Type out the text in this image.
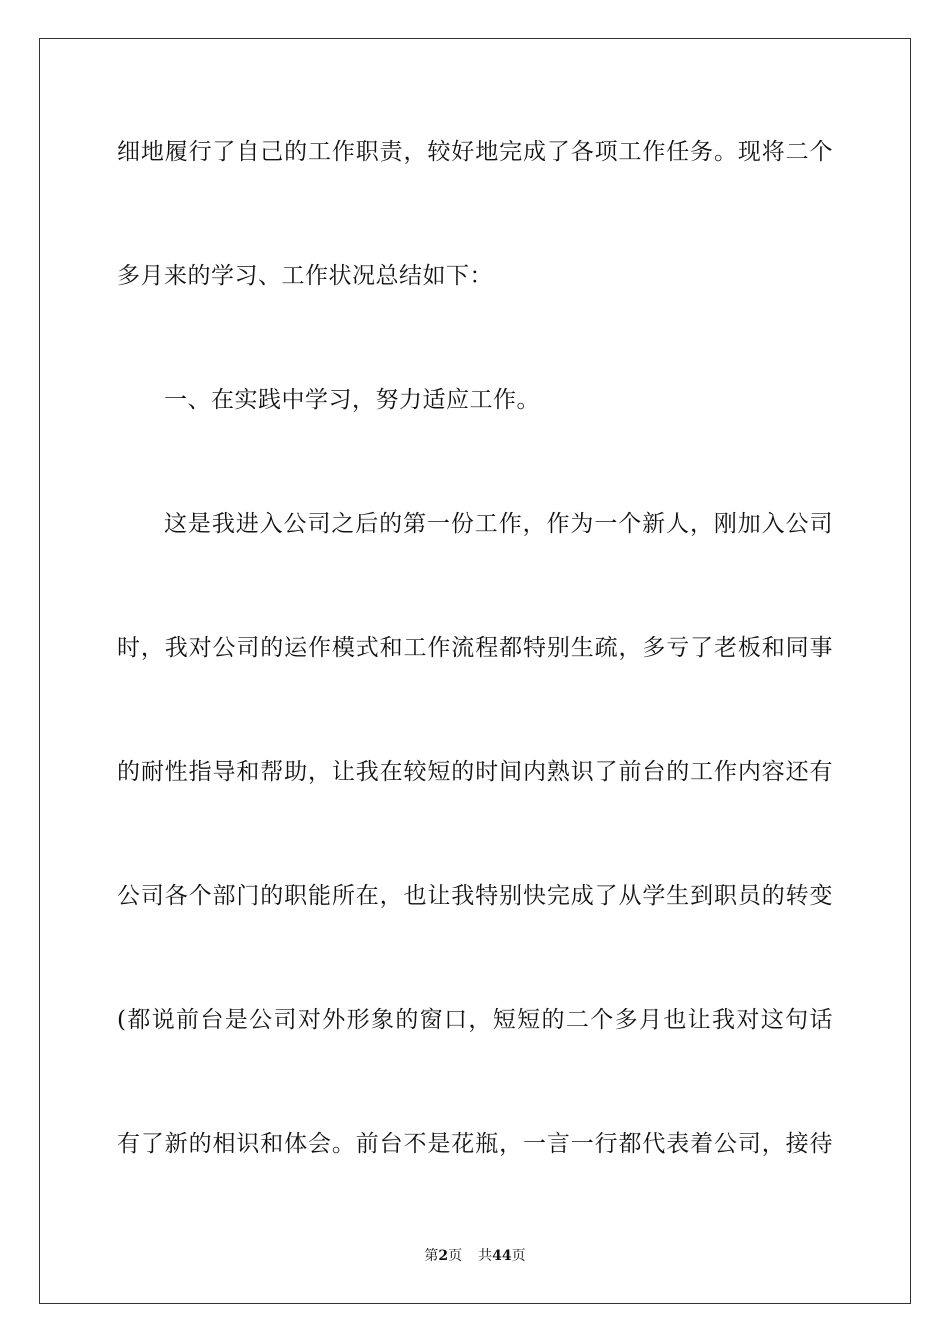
细地履行了自己的工作职责，较好地完成了各项工作任务。现将二个
多月来的学习、工作状况总结如下：
一、在实践中学习，努力适应工作。
这是我进入公司之后的第一份工作，作为一个新人，刚加入公司
时，我对公司的运作模式和工作流程都特别生疏，多亏了老板和同事
的耐性指导和帮助，让我在较短的时间内熟识了前台的工作内容还有
公司各个部门的职能所在，也让我特别快完成了从学生到职员的转变
(都说前台是公司对外形象的窗口，短短的二个多月也让我对这句话
有了新的相识和体会。前台不是花瓶，一言一行都代表着公司，接待
第2页 共44页
